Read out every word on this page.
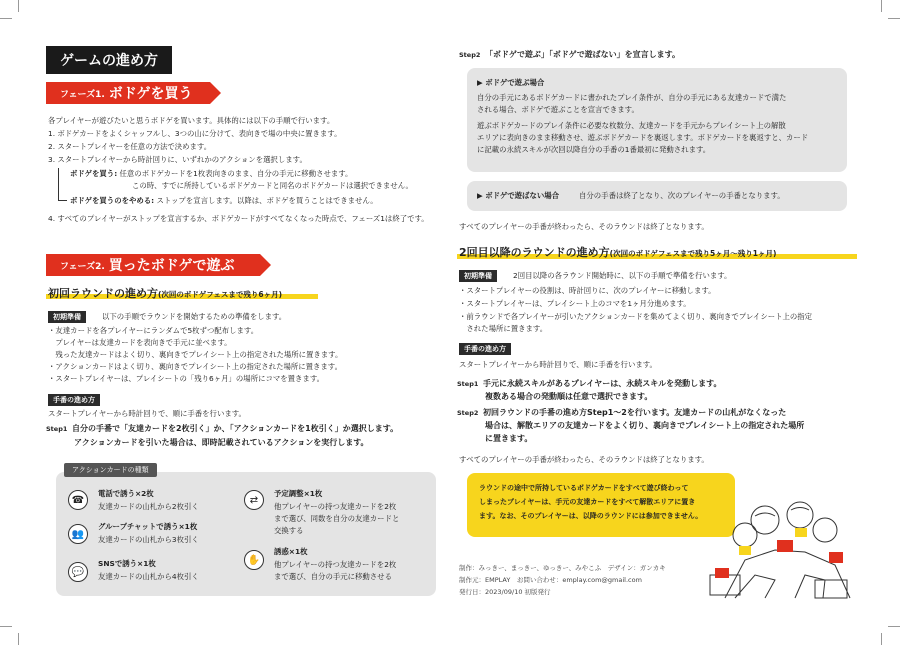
ゲームの進め方
フェーズ1. ボドゲを買う
各プレイヤーが遊びたいと思うボドゲを買います。具体的には以下の手順で行います。
1. ボドゲカードをよくシャッフルし、3つの山に分けて、表向きで場の中央に置きます。
2. スタートプレイヤーを任意の方法で決めます。
3. スタートプレイヤーから時計回りに、いずれかのアクションを選択します。
ボドゲを買う: 任意のボドゲカードを1枚表向きのまま、自分の手元に移動させます。
この時、すでに所持しているボドゲカードと同名のボドゲカードは選択できません。
ボドゲを買うのをやめる: ストップを宣言します。以降は、ボドゲを買うことはできません。
4. すべてのプレイヤーがストップを宣言するか、ボドゲカードがすべてなくなった時点で、フェーズ1は終了です。
フェーズ2. 買ったボドゲで遊ぶ
初回ラウンドの進め方(次回のボドゲフェスまで残り6ヶ月)
初期準備	以下の手順でラウンドを開始するための準備をします。
・友達カードを各プレイヤーにランダムで5枚ずつ配布します。
　プレイヤーは友達カードを表向きで手元に並べます。
　残った友達カードはよく切り、裏向きでプレイシート上の指定された場所に置きます。
・アクションカードはよく切り、裏向きでプレイシート上の指定された場所に置きます。
・スタートプレイヤーは、プレイシートの「残り6ヶ月」の場所にコマを置きます。
手番の進め方
スタートプレイヤーから時計回りで、順に手番を行います。
Step1 自分の手番で「友達カードを2枚引く」か、「アクションカードを1枚引く」か選択します。
アクションカードを引いた場合は、即時記載されているアクションを実行します。
アクションカードの種類
☎
電話で誘う×2枚
友達カードの山札から2枚引く
👥
グループチャットで誘う×1枚
友達カードの山札から3枚引く
💬
SNSで誘う×1枚
友達カードの山札から4枚引く
⇄
予定調整×1枚
他プレイヤーの持つ友達カードを2枚
まで選び、同数を自分の友達カードと
交換する
✋
誘惑×1枚
他プレイヤーの持つ友達カードを2枚
まで選び、自分の手元に移動させる
Step2 「ボドゲで遊ぶ」「ボドゲで遊ばない」を宣言します。
▶ ボドゲで遊ぶ場合
自分の手元にあるボドゲカードに書かれたプレイ条件が、自分の手元にある友達カードで満た
される場合、ボドゲで遊ぶことを宣言できます。
遊ぶボドゲカードのプレイ条件に必要な枚数分、友達カードを手元からプレイシート上の解散
エリアに表向きのまま移動させ、遊ぶボドゲカードを裏返します。ボドゲカードを裏返すと、カード
に記載の永続スキルが次回以降自分の手番の1番最初に発動されます。
▶ ボドゲで遊ばない場合	自分の手番は終了となり、次のプレイヤーの手番となります。
すべてのプレイヤーの手番が終わったら、そのラウンドは終了となります。
2回目以降のラウンドの進め方(次回のボドゲフェスまで残り5ヶ月〜残り1ヶ月)
初期準備	2回目以降の各ラウンド開始時に、以下の手順で準備を行います。
・スタートプレイヤーの役割は、時計回りに、次のプレイヤーに移動します。
・スタートプレイヤーは、プレイシート上のコマを1ヶ月分進めます。
・前ラウンドで各プレイヤーが引いたアクションカードを集めてよく切り、裏向きでプレイシート上の指定
　された場所に置きます。
手番の進め方
スタートプレイヤーから時計回りで、順に手番を行います。
Step1 手元に永続スキルがあるプレイヤーは、永続スキルを発動します。
複数ある場合の発動順は任意で選択できます。
Step2 初回ラウンドの手番の進め方Step1〜2を行います。友達カードの山札がなくなった
場合は、解散エリアの友達カードをよく切り、裏向きでプレイシート上の指定された場所
に置きます。
すべてのプレイヤーの手番が終わったら、そのラウンドは終了となります。
ラウンドの途中で所持しているボドゲカードをすべて遊び終わって
しまったプレイヤーは、手元の友達カードをすべて解散エリアに置き
ます。なお、そのプレイヤーは、以降のラウンドには参加できません。
制作：みっきー、まっきー、ゆっきー、みやこふ　デザイン：ガンカキ
制作元：EMPLAY　お問い合わせ：emplay.com@gmail.com
発行日：2023/09/10 初版発行
